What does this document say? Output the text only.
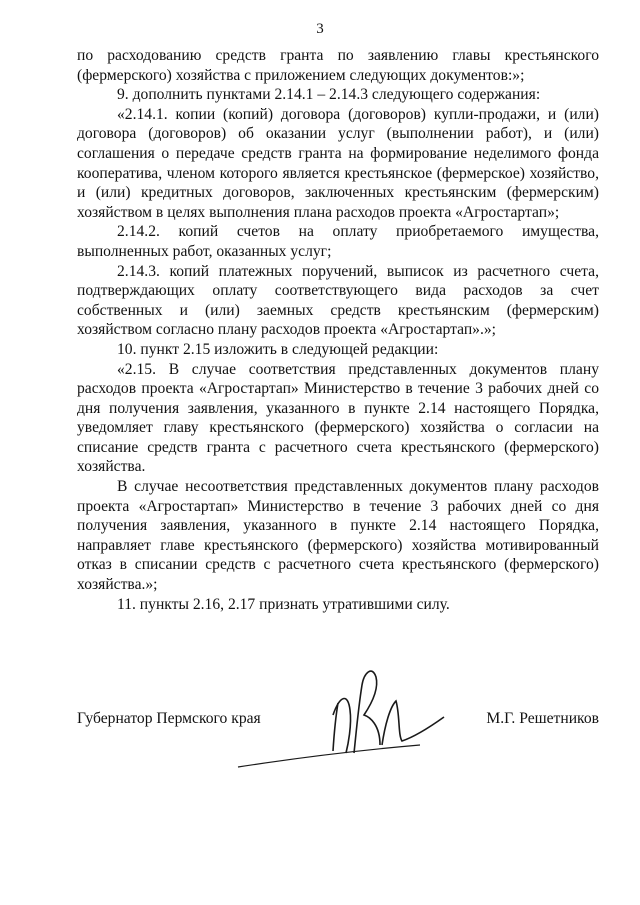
3

по расходованию средств гранта по заявлению главы крестьянского (фермерского) хозяйства с приложением следующих документов:»;

9. дополнить пунктами 2.14.1 – 2.14.3 следующего содержания:

«2.14.1. копии (копий) договора (договоров) купли-продажи, и (или) договора (договоров) об оказании услуг (выполнении работ), и (или) соглашения о передаче средств гранта на формирование неделимого фонда кооператива, членом которого является крестьянское (фермерское) хозяйство, и (или) кредитных договоров, заключенных крестьянским (фермерским) хозяйством в целях выполнения плана расходов проекта «Агростартап»;

2.14.2. копий счетов на оплату приобретаемого имущества, выполненных работ, оказанных услуг;

2.14.3. копий платежных поручений, выписок из расчетного счета, подтверждающих оплату соответствующего вида расходов за счет собственных и (или) заемных средств крестьянским (фермерским) хозяйством согласно плану расходов проекта «Агростартап».»;

10. пункт 2.15 изложить в следующей редакции:

«2.15. В случае соответствия представленных документов плану расходов проекта «Агростартап» Министерство в течение 3 рабочих дней со дня получения заявления, указанного в пункте 2.14 настоящего Порядка, уведомляет главу крестьянского (фермерского) хозяйства о согласии на списание средств гранта с расчетного счета крестьянского (фермерского) хозяйства.

В случае несоответствия представленных документов плану расходов проекта «Агростартап» Министерство в течение 3 рабочих дней со дня получения заявления, указанного в пункте 2.14 настоящего Порядка, направляет главе крестьянского (фермерского) хозяйства мотивированный отказ в списании средств с расчетного счета крестьянского (фермерского) хозяйства.»;

11. пункты 2.16, 2.17 признать утратившими силу.

Губернатор Пермского края	М.Г. Решетников
